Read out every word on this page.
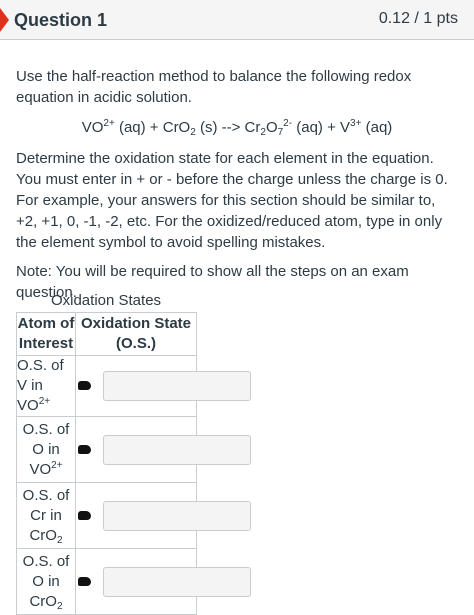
Question 1	0.12 / 1 pts

Use the half-reaction method to balance the following redox equation in acidic solution.

$VO^{2+}$ (aq) + CrO$_2$ (s) --> $Cr_2O_7^{2-}$ $(aq) + V^{3+}$ (aq)

Determine the oxidation state for each element in the equation. You must enter in + or - before the charge unless the charge is 0. For example, your answers for this section should be similar to, +2, +1, 0, -1, -2, etc. For the oxidized/reduced atom, type in only the element symbol to avoid spelling mistakes.

Note: You will be required to show all the steps on an exam question.

Oxidation States
Atom of Interest	Oxidation State (O.S.)
O.S. of V in $VO^{2+}$	

O.S. of O in $VO^{2+}$	

O.S. of Cr in CrO$_2$	

O.S. of O in CrO$_2$	
